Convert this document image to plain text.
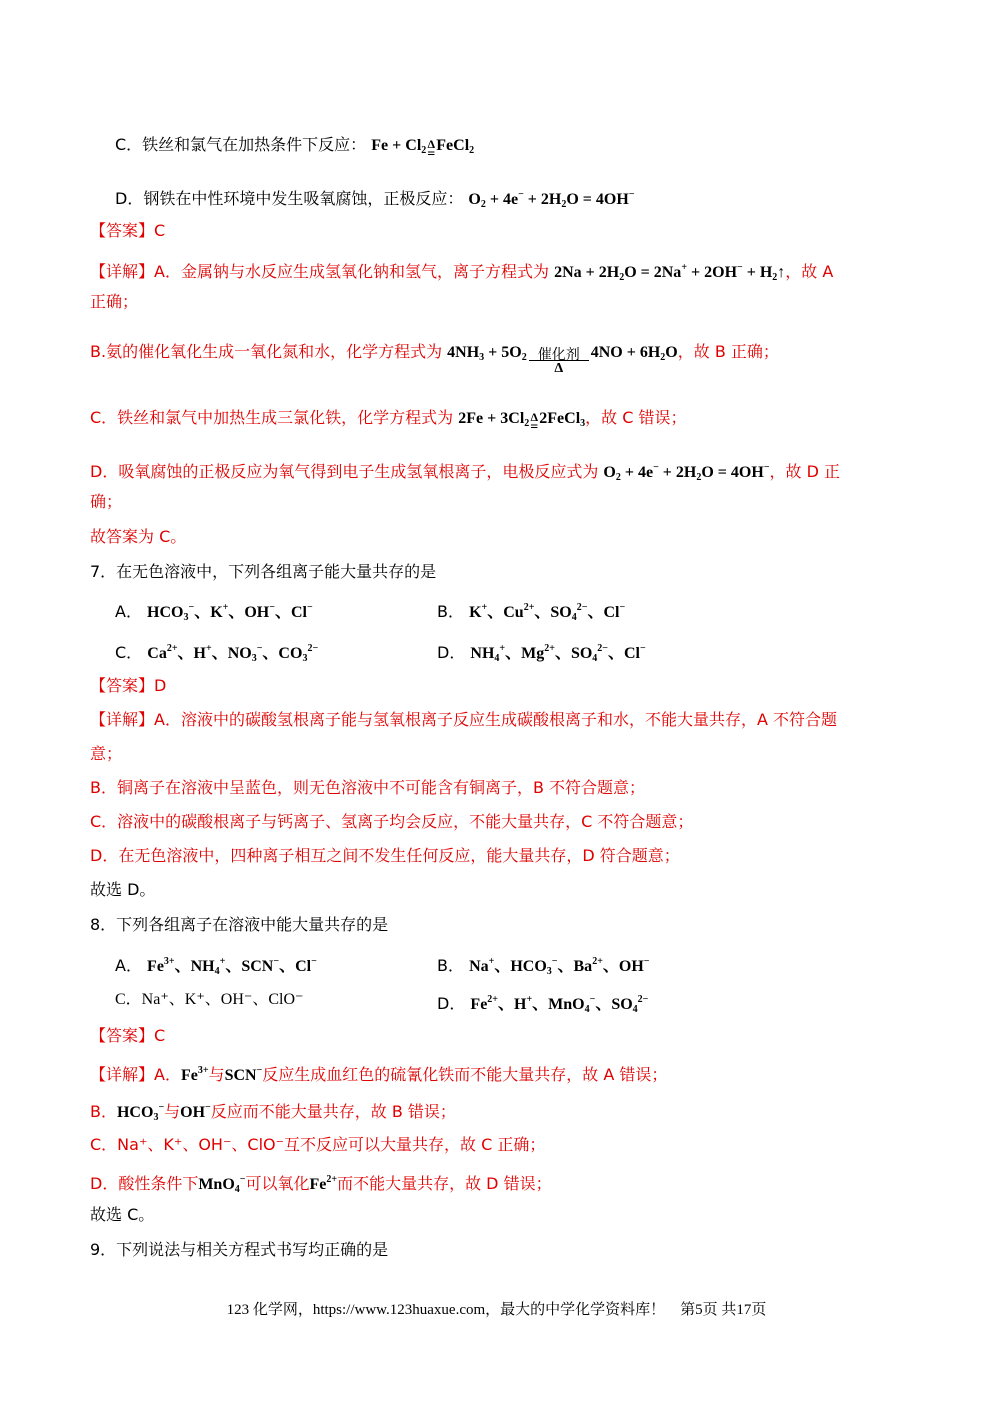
C．铁丝和氯气在加热条件下反应： $Fe + Cl_2$ Δ
=
FeCl$_2$
D．钢铁在中性环境中发生吸氧腐蚀，正极反应： $O_2 + 4e^- + 2H_2O = 4OH^-$
【答案】C
【详解】A．金属钠与水反应生成氢氧化钠和氢气，离子方程式为 $2Na + 2H_2O = 2Na^+ + 2OH^-$ + $H_2↑$，故 A
正确；
B.氨的催化氧化生成一氧化氮和水，化学方程式为 $4NH_3 + 5O_2$ 催化剂
Δ
$4NO + 6H_2O$，故 B 正确；
C．铁丝和氯气中加热生成三氯化铁，化学方程式为 $2Fe + 3Cl_2$ Δ
=
2FeCl$_3$，故 C 错误；
D．吸氧腐蚀的正极反应为氧气得到电子生成氢氧根离子，电极反应式为 $O_2 + 4e^- + 2H_2O = 4OH^-$，故 D 正
确；
故答案为 C。
7．在无色溶液中，下列各组离子能大量共存的是
A． $HCO_3^-$、K+、OH−、Cl−	B． K+、$Cu^{2+}$、$SO_4^{2-}$、Cl−
C． $Ca^{2+}$、H+、$NO_3^-$、$CO_3^{2-}$	D． $NH_4^+$、$Mg^{2+}$、$SO_4^{2-}$、Cl−
【答案】D
【详解】A．溶液中的碳酸氢根离子能与氢氧根离子反应生成碳酸根离子和水，不能大量共存，A 不符合题
意；
B．铜离子在溶液中呈蓝色，则无色溶液中不可能含有铜离子，B 不符合题意；
C．溶液中的碳酸根离子与钙离子、氢离子均会反应，不能大量共存，C 不符合题意；
D．在无色溶液中，四种离子相互之间不发生任何反应，能大量共存，D 符合题意；
故选 D。
8．下列各组离子在溶液中能大量共存的是
A． $Fe^{3+}$、$NH_4^+$、SCN−、Cl−	B． Na+、$HCO_3^-$、$Ba^{2+}$、OH−
C．Na⁺、K⁺、OH⁻、ClO⁻	D． $Fe^{2+}$、H+、MnO$_4$−、$SO_4^{2-}$
【答案】C
【详解】A．$Fe^{3+}$与SCN−反应生成血红色的硫氰化铁而不能大量共存，故 A 错误；
B．$HCO_3^-$与OH−反应而不能大量共存，故 B 错误；
C．Na⁺、K⁺、OH⁻、ClO⁻互不反应可以大量共存，故 C 正确；
D．酸性条件下MnO$_4$−可以氧化$Fe^{2+}$而不能大量共存，故 D 错误；
故选 C。
9．下列说法与相关方程式书写均正确的是
123 化学网，https://www.123huaxue.com，最大的中学化学资料库！　第5页 共17页
